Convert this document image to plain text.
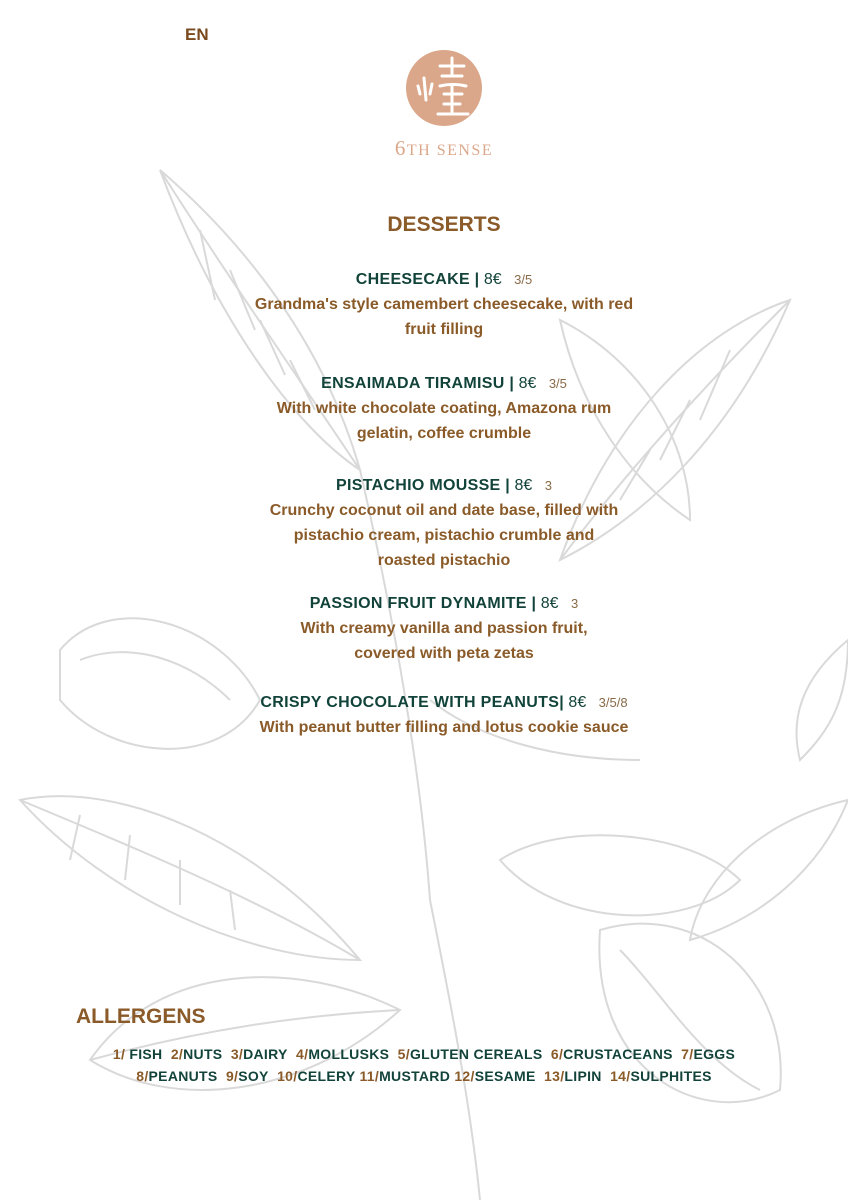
EN
6TH SENSE
DESSERTS
CHEESECAKE | 8€ 3/5
Grandma's style camembert cheesecake, with red
fruit filling
ENSAIMADA TIRAMISU | 8€ 3/5
With white chocolate coating, Amazona rum
gelatin, coffee crumble
PISTACHIO MOUSSE | 8€ 3
Crunchy coconut oil and date base, filled with
pistachio cream, pistachio crumble and
roasted pistachio
PASSION FRUIT DYNAMITE | 8€ 3
With creamy vanilla and passion fruit,
covered with peta zetas
CRISPY CHOCOLATE WITH PEANUTS| 8€ 3/5/8
With peanut butter filling and lotus cookie sauce
ALLERGENS
1/ FISH 2/NUTS 3/DAIRY 4/MOLLUSKS 5/GLUTEN CEREALS 6/CRUSTACEANS 7/EGGS
8/PEANUTS 9/SOY 10/CELERY 11/MUSTARD 12/SESAME 13/LIPIN 14/SULPHITES
